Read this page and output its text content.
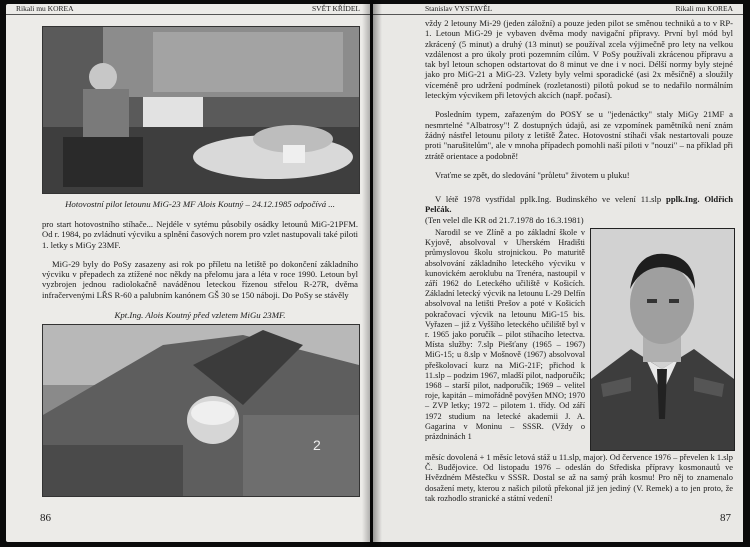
Rikali mu KOREA	SVĚT KŘÍDEL
Hotovostní pilot letounu MiG-23 MF Alois Koutný – 24.12.1985 odpočívá ...

pro start hotovostního stíhače... Nejdéle v sytému působily osádky letounů MiG-21PFM. Od r. 1984, po zvládnutí výcviku a splnění časových norem pro vzlet nastupovali také piloti 1. letky s MiGy 23MF.

MiG-29 byly do PoSy zasazeny asi rok po příletu na letiště po dokončení základního výcviku v přepadech za ztížené noc někdy na přelomu jara a léta v roce 1990. Letoun byl vyzbrojen jednou radiolokačně naváděnou leteckou řízenou střelou R-27R, dvěma infračervenými LŘS R-60 a palubním kanónem GŠ 30 se 150 náboji. Do PoSy se stávěly

Kpt.Ing. Alois Koutný před vzletem MiGu 23MF.
2
86
Stanislav VYSTAVĚL	Rikali mu KOREA

vždy 2 letouny Mi-29 (jeden záložní) a pouze jeden pilot se směnou techniků a to v RP-1. Letoun MiG-29 je vybaven dvěma mody navigační přípravy. První byl mód byl zkrácený (5 minut) a druhý (13 minut) se používal zcela výjimečně pro lety na velkou vzdálenost a pro úkoly proti pozemním cílům. V PoSy používali zkrácenou přípravu a tak byl letoun schopen odstartovat do 8 minut ve dne i v noci. Délší normy byly stejné jako pro MiG-21 a MiG-23. Vzlety byly velmi sporadické (asi 2x měsíčně) a sloužily víceméně pro udržení podmínek (rozletanosti) pilotů pokud se to nedařilo normálním leteckým výcvikem při letových akcích (např. počasí).

Posledním typem, zařazeným do POSY se u "jedenáctky" staly MiGy 21MF a nesmrtelné "Albatrosy"! Z dostupných údajů, asi ze vzpomínek pamětníků není znám žádný nástřel letounu piloty z letiště Žatec. Hotovostní stíhači však nestartovali pouze proti "narušitelům", ale v mnoha případech pomohli naší piloti v "nouzi" – na příklad při ztrátě orientace a podobně!

Vraťme se zpět, do sledování "průletu" životem u pluku!

V létě 1978 vystřídal pplk.Ing. Budinského ve velení 11.slp pplk.Ing. Oldřich Pelčák.

(Ten velel dle KR od 21.7.1978 do 16.3.1981)

Narodil se ve Zlíně a po základní škole v Kyjově, absolvoval v Uherském Hradišti průmyslovou školu strojnickou. Po maturitě absolvování základního leteckého výcviku v kunovickém aeroklubu na Trenéra, nastoupil v září 1962 do Leteckého učiliště v Košicích. Základní letecký výcvik na letounu L-29 Delfín absolvoval na letišti Prešov a poté v Košicích pokračovací výcvik na letounu MiG-15 bis. Vyřazen – již z Vyššího leteckého učiliště byl v r. 1965 jako poručík – pilot stíhacího letectva. Místa služby: 7.slp Piešťany (1965 – 1967) MiG-15; u 8.slp v Mošnově (1967) absolvoval přeškolovací kurz na MiG-21F; přichod k 11.slp – podzim 1967, mladší pilot, nadporučík; 1968 – starší pilot, nadporučík; 1969 – velitel roje, kapitán – mimořádně povýšen MNO; 1970 – ZVP letky; 1972 – pilotem 1. třídy. Od září 1972 studium na letecké akademii J. A. Gagarina v Moninu – SSSR. (Vždy o prázdninách 1

měsíc dovolená + 1 měsíc letová stáž u 11.slp, major). Od července 1976 – převelen k 1.slp Č. Budějovice. Od listopadu 1976 – odeslán do Střediska přípravy kosmonautů ve Hvězdném Městečku v SSSR. Dostal se až na samý práh kosmu! Pro něj to znamenalo dosažení mety, kterou z našich pilotů překonal již jen jediný (V. Remek) a to jen proto, že tak rozhodlo stranické a státní vedení!

87
